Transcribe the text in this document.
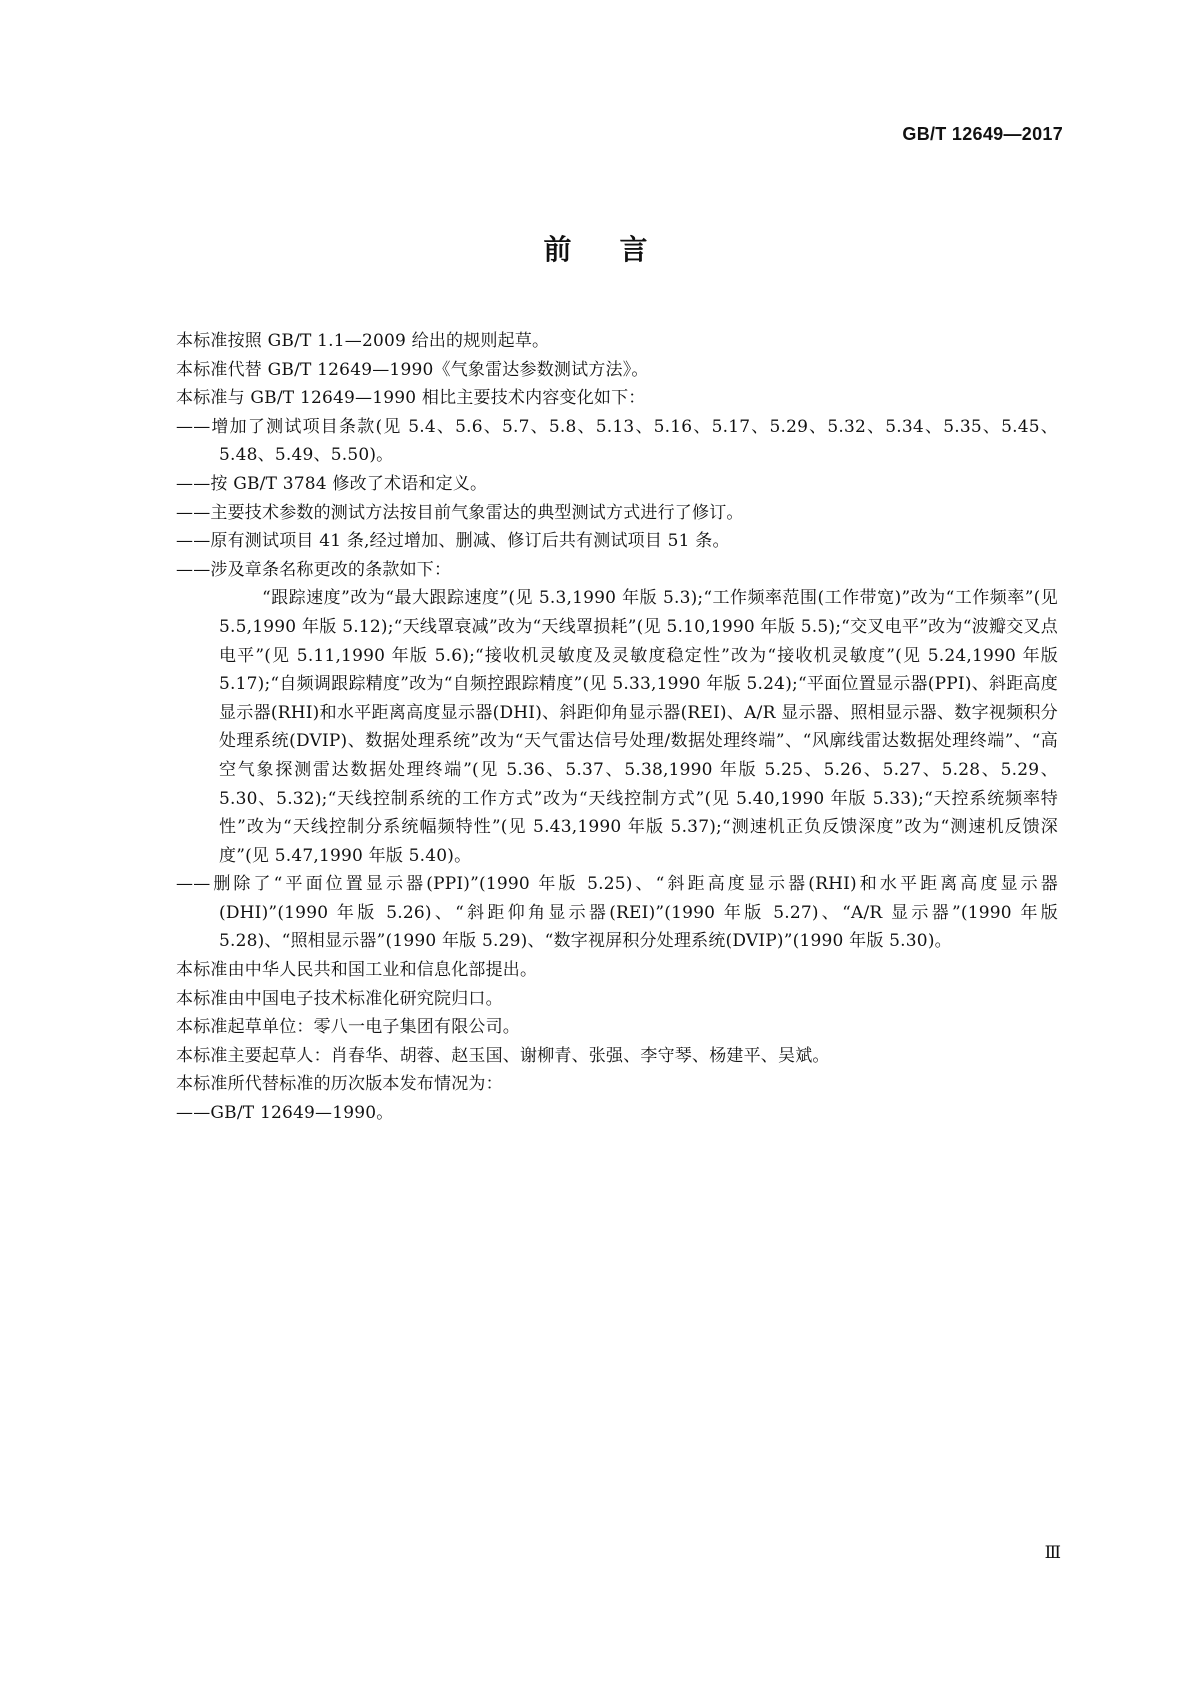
GB/T 12649—2017
前言

本标准按照 GB/T 1.1—2009 给出的规则起草。

本标准代替 GB/T 12649—1990《气象雷达参数测试方法》。

本标准与 GB/T 12649—1990 相比主要技术内容变化如下：

——增加了测试项目条款(见 5.4、5.6、5.7、5.8、5.13、5.16、5.17、5.29、5.32、5.34、5.35、5.45、5.48、5.49、5.50)。

——按 GB/T 3784 修改了术语和定义。

——主要技术参数的测试方法按目前气象雷达的典型测试方式进行了修订。

——原有测试项目 41 条,经过增加、删减、修订后共有测试项目 51 条。

——涉及章条名称更改的条款如下：

“跟踪速度”改为“最大跟踪速度”(见 5.3,1990 年版 5.3);“工作频率范围(工作带宽)”改为“工作频率”(见 5.5,1990 年版 5.12);“天线罩衰减”改为“天线罩损耗”(见 5.10,1990 年版 5.5);“交叉电平”改为“波瓣交叉点电平”(见 5.11,1990 年版 5.6);“接收机灵敏度及灵敏度稳定性”改为“接收机灵敏度”(见 5.24,1990 年版 5.17);“自频调跟踪精度”改为“自频控跟踪精度”(见 5.33,1990 年版 5.24);“平面位置显示器(PPI)、斜距高度显示器(RHI)和水平距离高度显示器(DHI)、斜距仰角显示器(REI)、A/R 显示器、照相显示器、数字视频积分处理系统(DVIP)、数据处理系统”改为“天气雷达信号处理/数据处理终端”、“风廓线雷达数据处理终端”、“高空气象探测雷达数据处理终端”(见 5.36、5.37、5.38,1990 年版 5.25、5.26、5.27、5.28、5.29、5.30、5.32);“天线控制系统的工作方式”改为“天线控制方式”(见 5.40,1990 年版 5.33);“天控系统频率特性”改为“天线控制分系统幅频特性”(见 5.43,1990 年版 5.37);“测速机正负反馈深度”改为“测速机反馈深度”(见 5.47,1990 年版 5.40)。

——删除了“平面位置显示器(PPI)”(1990 年版 5.25)、“斜距高度显示器(RHI)和水平距离高度显示器(DHI)”(1990 年版 5.26)、“斜距仰角显示器(REI)”(1990 年版 5.27)、“A/R 显示器”(1990 年版 5.28)、“照相显示器”(1990 年版 5.29)、“数字视屏积分处理系统(DVIP)”(1990 年版 5.30)。

本标准由中华人民共和国工业和信息化部提出。

本标准由中国电子技术标准化研究院归口。

本标准起草单位：零八一电子集团有限公司。

本标准主要起草人：肖春华、胡蓉、赵玉国、谢柳青、张强、李守琴、杨建平、吴斌。

本标准所代替标准的历次版本发布情况为：

——GB/T 12649—1990。

Ⅲ
